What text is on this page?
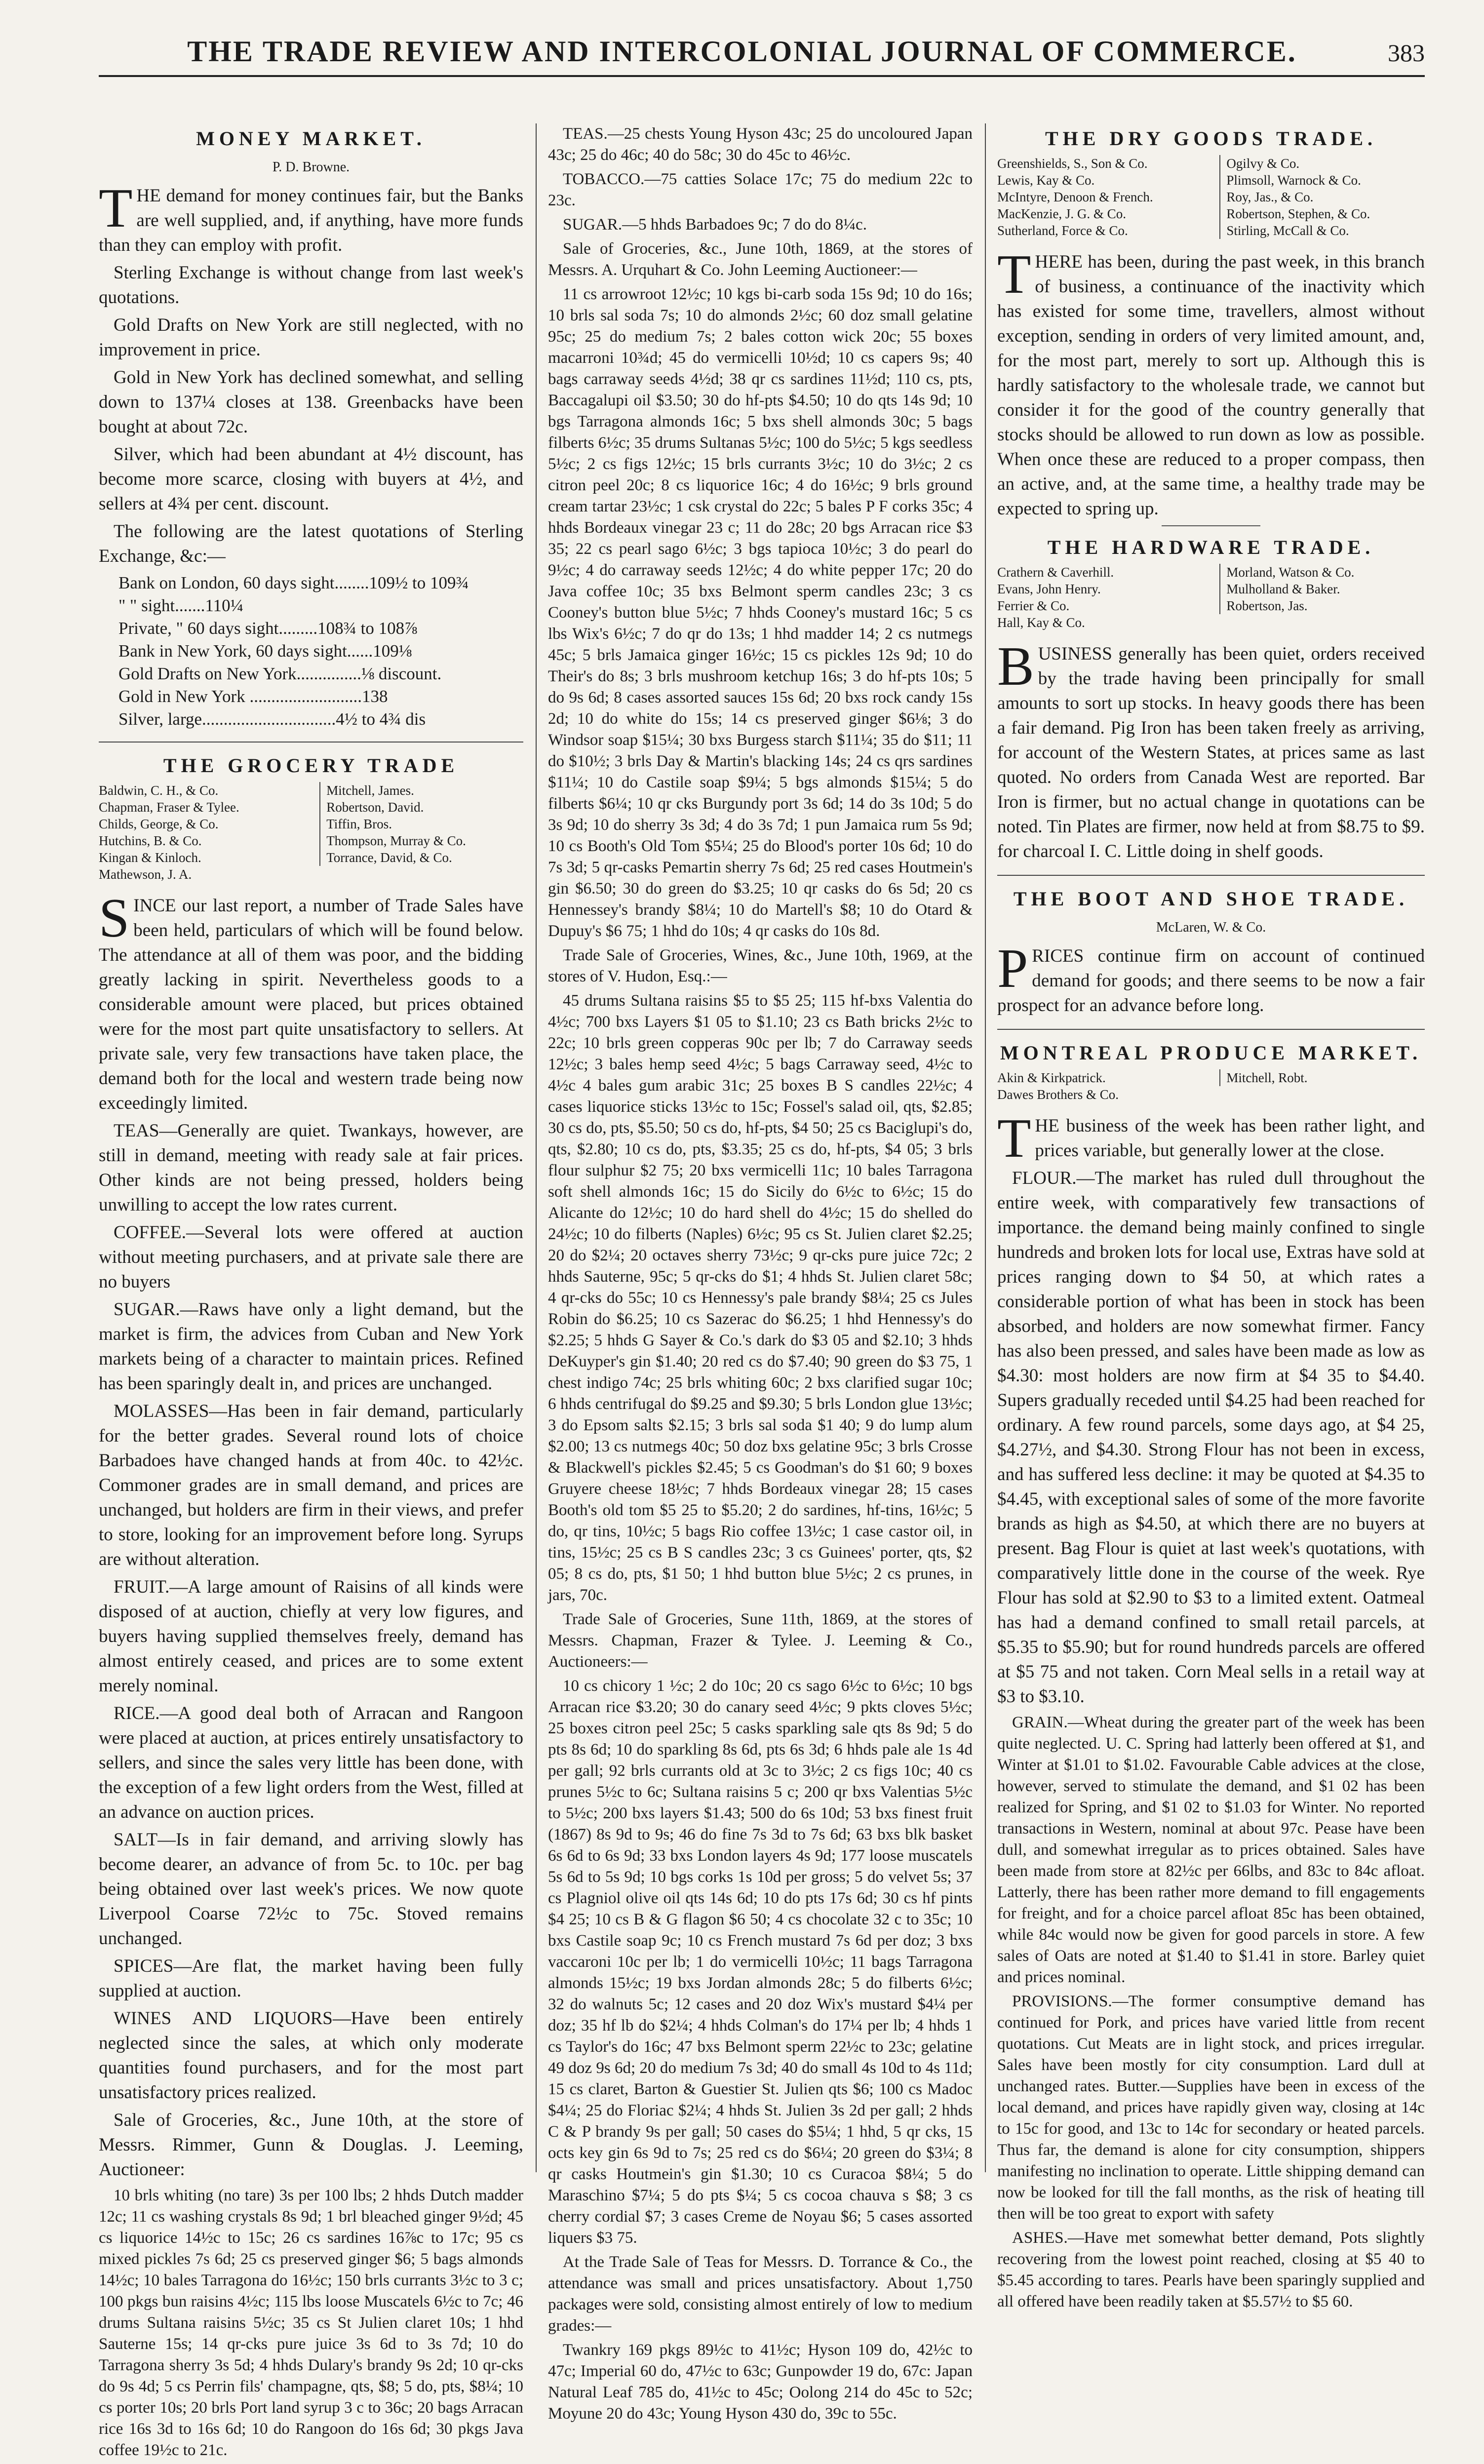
THE TRADE REVIEW AND INTERCOLONIAL JOURNAL OF COMMERCE.	383
MONEY MARKET.
P. D. Browne.

THE demand for money continues fair, but the Banks are well supplied, and, if anything, have more funds than they can employ with profit.

Sterling Exchange is without change from last week's quotations.

Gold Drafts on New York are still neglected, with no improvement in price.

Gold in New York has declined somewhat, and selling down to 137¼ closes at 138. Greenbacks have been bought at about 72c.

Silver, which had been abundant at 4½ discount, has become more scarce, closing with buyers at 4½, and sellers at 4¾ per cent. discount.

The following are the latest quotations of Sterling Exchange, &c:—

Bank on London, 60 days sight........109½ to 109¾
" " sight.......110¼
Private, " 60 days sight.........108¾ to 108⅞
Bank in New York, 60 days sight......109⅛
Gold Drafts on New York...............⅛ discount.
Gold in New York ..........................138
Silver, large...............................4½ to 4¾ dis
THE GROCERY TRADE
Baldwin, C. H., & Co.
Chapman, Fraser & Tylee.
Childs, George, & Co.
Hutchins, B. & Co.
Kingan & Kinloch.
Mathewson, J. A.
Mitchell, James.
Robertson, David.
Tiffin, Bros.
Thompson, Murray & Co.
Torrance, David, & Co.

SINCE our last report, a number of Trade Sales have been held, particulars of which will be found below. The attendance at all of them was poor, and the bidding greatly lacking in spirit. Nevertheless goods to a considerable amount were placed, but prices obtained were for the most part quite unsatisfactory to sellers. At private sale, very few transactions have taken place, the demand both for the local and western trade being now exceedingly limited.

TEAS—Generally are quiet. Twankays, however, are still in demand, meeting with ready sale at fair prices. Other kinds are not being pressed, holders being unwilling to accept the low rates current.

COFFEE.—Several lots were offered at auction without meeting purchasers, and at private sale there are no buyers

SUGAR.—Raws have only a light demand, but the market is firm, the advices from Cuban and New York markets being of a character to maintain prices. Refined has been sparingly dealt in, and prices are unchanged.

MOLASSES—Has been in fair demand, particularly for the better grades. Several round lots of choice Barbadoes have changed hands at from 40c. to 42½c. Commoner grades are in small demand, and prices are unchanged, but holders are firm in their views, and prefer to store, looking for an improvement before long. Syrups are without alteration.

FRUIT.—A large amount of Raisins of all kinds were disposed of at auction, chiefly at very low figures, and buyers having supplied themselves freely, demand has almost entirely ceased, and prices are to some extent merely nominal.

RICE.—A good deal both of Arracan and Rangoon were placed at auction, at prices entirely unsatisfactory to sellers, and since the sales very little has been done, with the exception of a few light orders from the West, filled at an advance on auction prices.

SALT—Is in fair demand, and arriving slowly has become dearer, an advance of from 5c. to 10c. per bag being obtained over last week's prices. We now quote Liverpool Coarse 72½c to 75c. Stoved remains unchanged.

SPICES—Are flat, the market having been fully supplied at auction.

WINES AND LIQUORS—Have been entirely neglected since the sales, at which only moderate quantities found purchasers, and for the most part unsatisfactory prices realized.

Sale of Groceries, &c., June 10th, at the store of Messrs. Rimmer, Gunn & Douglas. J. Leeming, Auctioneer:

10 brls whiting (no tare) 3s per 100 lbs; 2 hhds Dutch madder 12c; 11 cs washing crystals 8s 9d; 1 brl bleached ginger 9½d; 45 cs liquorice 14½c to 15c; 26 cs sardines 16⅞c to 17c; 95 cs mixed pickles 7s 6d; 25 cs preserved ginger $6; 5 bags almonds 14½c; 10 bales Tarragona do 16½c; 150 brls currants 3½c to 3 c; 100 pkgs bun raisins 4½c; 115 lbs loose Muscatels 6½c to 7c; 46 drums Sultana raisins 5½c; 35 cs St Julien claret 10s; 1 hhd Sauterne 15s; 14 qr-cks pure juice 3s 6d to 3s 7d; 10 do Tarragona sherry 3s 5d; 4 hhds Dulary's brandy 9s 2d; 10 qr-cks do 9s 4d; 5 cs Perrin fils' champagne, qts, $8; 5 do, pts, $8¼; 10 cs porter 10s; 20 brls Port land syrup 3 c to 36c; 20 bags Arracan rice 16s 3d to 16s 6d; 10 do Rangoon do 16s 6d; 30 pkgs Java coffee 19½c to 21c.

TEAS.—25 chests Young Hyson 43c; 25 do uncoloured Japan 43c; 25 do 46c; 40 do 58c; 30 do 45c to 46½c.

TOBACCO.—75 catties Solace 17c; 75 do medium 22c to 23c.

SUGAR.—5 hhds Barbadoes 9c; 7 do do 8¼c.

Sale of Groceries, &c., June 10th, 1869, at the stores of Messrs. A. Urquhart & Co. John Leeming Auctioneer:—

11 cs arrowroot 12½c; 10 kgs bi-carb soda 15s 9d; 10 do 16s; 10 brls sal soda 7s; 10 do almonds 2½c; 60 doz small gelatine 95c; 25 do medium 7s; 2 bales cotton wick 20c; 55 boxes macarroni 10¾d; 45 do vermicelli 10½d; 10 cs capers 9s; 40 bags carraway seeds 4½d; 38 qr cs sardines 11½d; 110 cs, pts, Baccagalupi oil $3.50; 30 do hf-pts $4.50; 10 do qts 14s 9d; 10 bgs Tarragona almonds 16c; 5 bxs shell almonds 30c; 5 bags filberts 6½c; 35 drums Sultanas 5½c; 100 do 5½c; 5 kgs seedless 5½c; 2 cs figs 12½c; 15 brls currants 3½c; 10 do 3½c; 2 cs citron peel 20c; 8 cs liquorice 16c; 4 do 16½c; 9 brls ground cream tartar 23½c; 1 csk crystal do 22c; 5 bales P F corks 35c; 4 hhds Bordeaux vinegar 23 c; 11 do 28c; 20 bgs Arracan rice $3 35; 22 cs pearl sago 6½c; 3 bgs tapioca 10½c; 3 do pearl do 9½c; 4 do carraway seeds 12½c; 4 do white pepper 17c; 20 do Java coffee 10c; 35 bxs Belmont sperm candles 23c; 3 cs Cooney's button blue 5½c; 7 hhds Cooney's mustard 16c; 5 cs lbs Wix's 6½c; 7 do qr do 13s; 1 hhd madder 14; 2 cs nutmegs 45c; 5 brls Jamaica ginger 16½c; 15 cs pickles 12s 9d; 10 do Their's do 8s; 3 brls mushroom ketchup 16s; 3 do hf-pts 10s; 5 do 9s 6d; 8 cases assorted sauces 15s 6d; 20 bxs rock candy 15s 2d; 10 do white do 15s; 14 cs preserved ginger $6⅛; 3 do Windsor soap $15¼; 30 bxs Burgess starch $11¼; 35 do $11; 11 do $10½; 3 brls Day & Martin's blacking 14s; 24 cs qrs sardines $11¼; 10 do Castile soap $9¼; 5 bgs almonds $15¼; 5 do filberts $6¼; 10 qr cks Burgundy port 3s 6d; 14 do 3s 10d; 5 do 3s 9d; 10 do sherry 3s 3d; 4 do 3s 7d; 1 pun Jamaica rum 5s 9d; 10 cs Booth's Old Tom $5¼; 25 do Blood's porter 10s 6d; 10 do 7s 3d; 5 qr-casks Pemartin sherry 7s 6d; 25 red cases Houtmein's gin $6.50; 30 do green do $3.25; 10 qr casks do 6s 5d; 20 cs Hennessey's brandy $8¼; 10 do Martell's $8; 10 do Otard & Dupuy's $6 75; 1 hhd do 10s; 4 qr casks do 10s 8d.

Trade Sale of Groceries, Wines, &c., June 10th, 1969, at the stores of V. Hudon, Esq.:—

45 drums Sultana raisins $5 to $5 25; 115 hf-bxs Valentia do 4½c; 700 bxs Layers $1 05 to $1.10; 23 cs Bath bricks 2½c to 22c; 10 brls green copperas 90c per lb; 7 do Carraway seeds 12½c; 3 bales hemp seed 4½c; 5 bags Carraway seed, 4½c to 4½c 4 bales gum arabic 31c; 25 boxes B S candles 22½c; 4 cases liquorice sticks 13½c to 15c; Fossel's salad oil, qts, $2.85; 30 cs do, pts, $5.50; 50 cs do, hf-pts, $4 50; 25 cs Baciglupi's do, qts, $2.80; 10 cs do, pts, $3.35; 25 cs do, hf-pts, $4 05; 3 brls flour sulphur $2 75; 20 bxs vermicelli 11c; 10 bales Tarragona soft shell almonds 16c; 15 do Sicily do 6½c to 6½c; 15 do Alicante do 12½c; 10 do hard shell do 4½c; 15 do shelled do 24½c; 10 do filberts (Naples) 6½c; 95 cs St. Julien claret $2.25; 20 do $2¼; 20 octaves sherry 73½c; 9 qr-cks pure juice 72c; 2 hhds Sauterne, 95c; 5 qr-cks do $1; 4 hhds St. Julien claret 58c; 4 qr-cks do 55c; 10 cs Hennessy's pale brandy $8¼; 25 cs Jules Robin do $6.25; 10 cs Sazerac do $6.25; 1 hhd Hennessy's do $2.25; 5 hhds G Sayer & Co.'s dark do $3 05 and $2.10; 3 hhds DeKuyper's gin $1.40; 20 red cs do $7.40; 90 green do $3 75, 1 chest indigo 74c; 25 brls whiting 60c; 2 bxs clarified sugar 10c; 6 hhds centrifugal do $9.25 and $9.30; 5 brls London glue 13½c; 3 do Epsom salts $2.15; 3 brls sal soda $1 40; 9 do lump alum $2.00; 13 cs nutmegs 40c; 50 doz bxs gelatine 95c; 3 brls Crosse & Blackwell's pickles $2.45; 5 cs Goodman's do $1 60; 9 boxes Gruyere cheese 18½c; 7 hhds Bordeaux vinegar 28; 15 cases Booth's old tom $5 25 to $5.20; 2 do sardines, hf-tins, 16½c; 5 do, qr tins, 10½c; 5 bags Rio coffee 13½c; 1 case castor oil, in tins, 15½c; 25 cs B S candles 23c; 3 cs Guinees' porter, qts, $2 05; 8 cs do, pts, $1 50; 1 hhd button blue 5½c; 2 cs prunes, in jars, 70c.

Trade Sale of Groceries, Sune 11th, 1869, at the stores of Messrs. Chapman, Frazer & Tylee. J. Leeming & Co., Auctioneers:—

10 cs chicory 1 ½c; 2 do 10c; 20 cs sago 6½c to 6½c; 10 bgs Arracan rice $3.20; 30 do canary seed 4½c; 9 pkts cloves 5½c; 25 boxes citron peel 25c; 5 casks sparkling sale qts 8s 9d; 5 do pts 8s 6d; 10 do sparkling 8s 6d, pts 6s 3d; 6 hhds pale ale 1s 4d per gall; 92 brls currants old at 3c to 3½c; 2 cs figs 10c; 40 cs prunes 5½c to 6c; Sultana raisins 5 c; 200 qr bxs Valentias 5½c to 5½c; 200 bxs layers $1.43; 500 do 6s 10d; 53 bxs finest fruit (1867) 8s 9d to 9s; 46 do fine 7s 3d to 7s 6d; 63 bxs blk basket 6s 6d to 6s 9d; 33 bxs London layers 4s 9d; 177 loose muscatels 5s 6d to 5s 9d; 10 bgs corks 1s 10d per gross; 5 do velvet 5s; 37 cs Plagniol olive oil qts 14s 6d; 10 do pts 17s 6d; 30 cs hf pints $4 25; 10 cs B & G flagon $6 50; 4 cs chocolate 32 c to 35c; 10 bxs Castile soap 9c; 10 cs French mustard 7s 6d per doz; 3 bxs vaccaroni 10c per lb; 1 do vermicelli 10½c; 11 bags Tarragona almonds 15½c; 19 bxs Jordan almonds 28c; 5 do filberts 6½c; 32 do walnuts 5c; 12 cases and 20 doz Wix's mustard $4¼ per doz; 35 hf lb do $2¼; 4 hhds Colman's do 17¼ per lb; 4 hhds 1 cs Taylor's do 16c; 47 bxs Belmont sperm 22½c to 23c; gelatine 49 doz 9s 6d; 20 do medium 7s 3d; 40 do small 4s 10d to 4s 11d; 15 cs claret, Barton & Guestier St. Julien qts $6; 100 cs Madoc $4¼; 25 do Floriac $2¼; 4 hhds St. Julien 3s 2d per gall; 2 hhds C & P brandy 9s per gall; 50 cases do $5¼; 1 hhd, 5 qr cks, 15 octs key gin 6s 9d to 7s; 25 red cs do $6¼; 20 green do $3¼; 8 qr casks Houtmein's gin $1.30; 10 cs Curacoa $8¼; 5 do Maraschino $7¼; 5 do pts $¼; 5 cs cocoa chauva s $8; 3 cs cherry cordial $7; 3 cases Creme de Noyau $6; 5 cases assorted liquers $3 75.

At the Trade Sale of Teas for Messrs. D. Torrance & Co., the attendance was small and prices unsatisfactory. About 1,750 packages were sold, consisting almost entirely of low to medium grades:—

Twankry 169 pkgs 89½c to 41½c; Hyson 109 do, 42½c to 47c; Imperial 60 do, 47½c to 63c; Gunpowder 19 do, 67c: Japan Natural Leaf 785 do, 41½c to 45c; Oolong 214 do 45c to 52c; Moyune 20 do 43c; Young Hyson 430 do, 39c to 55c.

THE DRY GOODS TRADE.
Greenshields, S., Son & Co.
Lewis, Kay & Co.
McIntyre, Denoon & French.
MacKenzie, J. G. & Co.
Sutherland, Force & Co.
Ogilvy & Co.
Plimsoll, Warnock & Co.
Roy, Jas., & Co.
Robertson, Stephen, & Co.
Stirling, McCall & Co.

THERE has been, during the past week, in this branch of business, a continuance of the inactivity which has existed for some time, travellers, almost without exception, sending in orders of very limited amount, and, for the most part, merely to sort up. Although this is hardly satisfactory to the wholesale trade, we cannot but consider it for the good of the country generally that stocks should be allowed to run down as low as possible. When once these are reduced to a proper compass, then an active, and, at the same time, a healthy trade may be expected to spring up.

THE HARDWARE TRADE.
Crathern & Caverhill.
Evans, John Henry.
Ferrier & Co.
Hall, Kay & Co.
Morland, Watson & Co.
Mulholland & Baker.
Robertson, Jas.

BUSINESS generally has been quiet, orders received by the trade having been principally for small amounts to sort up stocks. In heavy goods there has been a fair demand. Pig Iron has been taken freely as arriving, for account of the Western States, at prices same as last quoted. No orders from Canada West are reported. Bar Iron is firmer, but no actual change in quotations can be noted. Tin Plates are firmer, now held at from $8.75 to $9. for charcoal I. C. Little doing in shelf goods.

THE BOOT AND SHOE TRADE.
McLaren, W. & Co.

PRICES continue firm on account of continued demand for goods; and there seems to be now a fair prospect for an advance before long.

MONTREAL PRODUCE MARKET.
Akin & Kirkpatrick.
Dawes Brothers & Co.
Mitchell, Robt.

THE business of the week has been rather light, and prices variable, but generally lower at the close.

FLOUR.—The market has ruled dull throughout the entire week, with comparatively few transactions of importance. the demand being mainly confined to single hundreds and broken lots for local use, Extras have sold at prices ranging down to $4 50, at which rates a considerable portion of what has been in stock has been absorbed, and holders are now somewhat firmer. Fancy has also been pressed, and sales have been made as low as $4.30: most holders are now firm at $4 35 to $4.40. Supers gradually receded until $4.25 had been reached for ordinary. A few round parcels, some days ago, at $4 25, $4.27½, and $4.30. Strong Flour has not been in excess, and has suffered less decline: it may be quoted at $4.35 to $4.45, with exceptional sales of some of the more favorite brands as high as $4.50, at which there are no buyers at present. Bag Flour is quiet at last week's quotations, with comparatively little done in the course of the week. Rye Flour has sold at $2.90 to $3 to a limited extent. Oatmeal has had a demand confined to small retail parcels, at $5.35 to $5.90; but for round hundreds parcels are offered at $5 75 and not taken. Corn Meal sells in a retail way at $3 to $3.10.

GRAIN.—Wheat during the greater part of the week has been quite neglected. U. C. Spring had latterly been offered at $1, and Winter at $1.01 to $1.02. Favourable Cable advices at the close, however, served to stimulate the demand, and $1 02 has been realized for Spring, and $1 02 to $1.03 for Winter. No reported transactions in Western, nominal at about 97c. Pease have been dull, and somewhat irregular as to prices obtained. Sales have been made from store at 82½c per 66lbs, and 83c to 84c afloat. Latterly, there has been rather more demand to fill engagements for freight, and for a choice parcel afloat 85c has been obtained, while 84c would now be given for good parcels in store. A few sales of Oats are noted at $1.40 to $1.41 in store. Barley quiet and prices nominal.

PROVISIONS.—The former consumptive demand has continued for Pork, and prices have varied little from recent quotations. Cut Meats are in light stock, and prices irregular. Sales have been mostly for city consumption. Lard dull at unchanged rates. Butter.—Supplies have been in excess of the local demand, and prices have rapidly given way, closing at 14c to 15c for good, and 13c to 14c for secondary or heated parcels. Thus far, the demand is alone for city consumption, shippers manifesting no inclination to operate. Little shipping demand can now be looked for till the fall months, as the risk of heating till then will be too great to export with safety

ASHES.—Have met somewhat better demand, Pots slightly recovering from the lowest point reached, closing at $5 40 to $5.45 according to tares. Pearls have been sparingly supplied and all offered have been readily taken at $5.57½ to $5 60.
